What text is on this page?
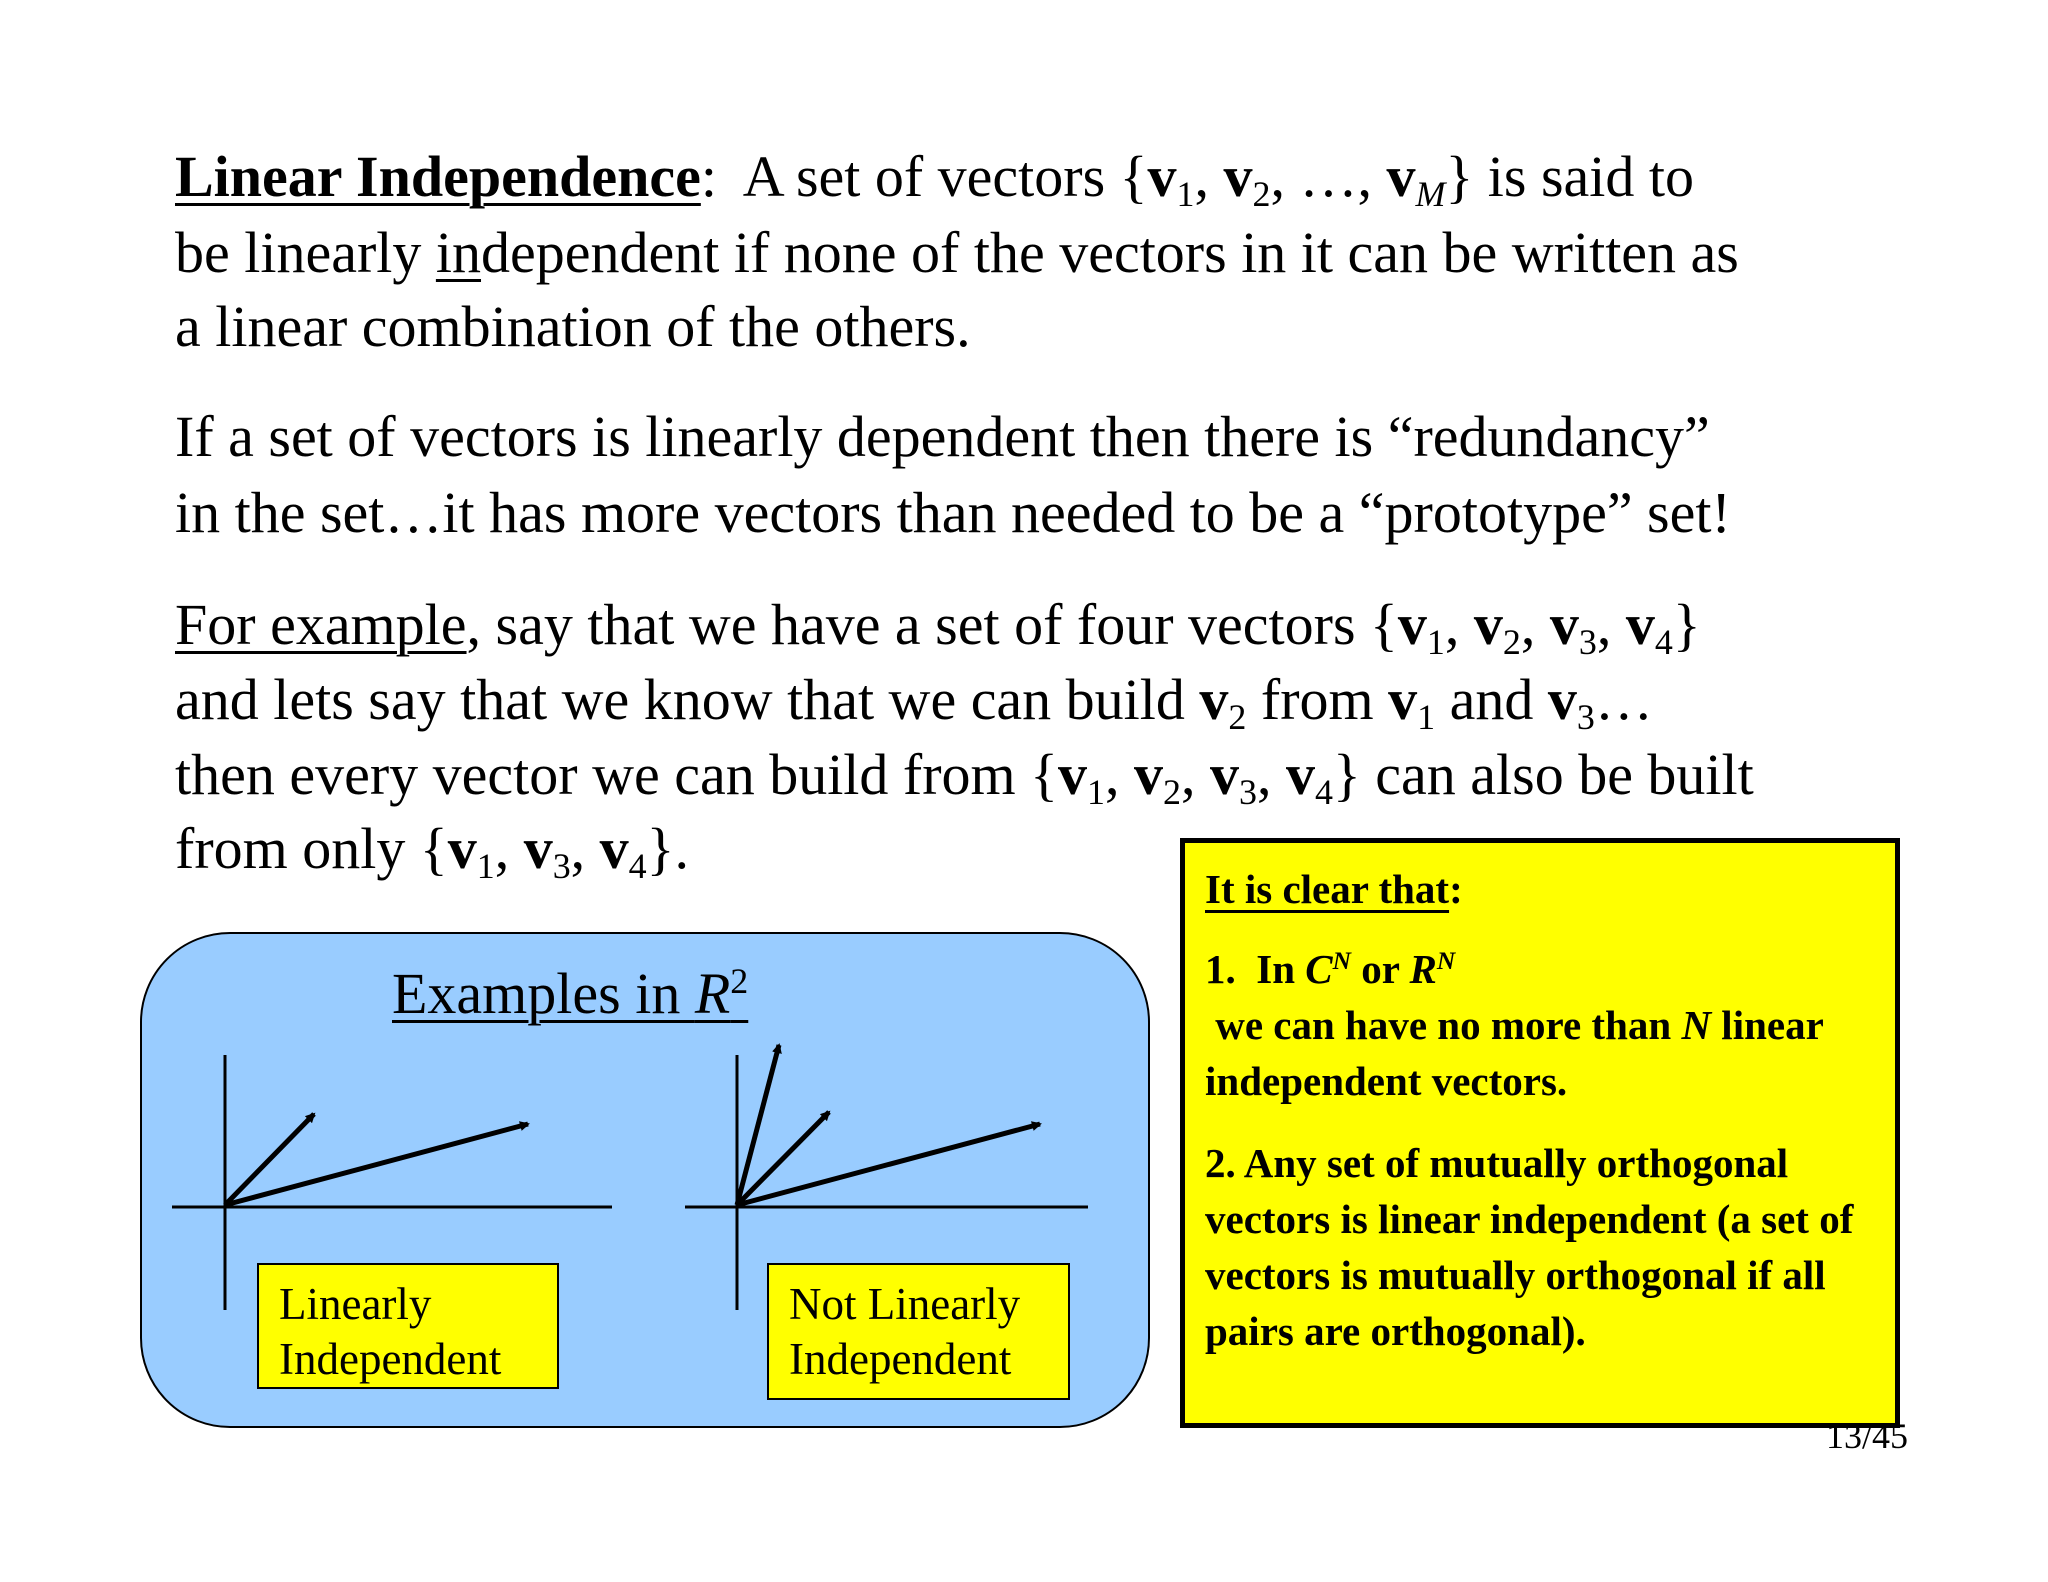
Linear Independence:  A set of vectors {$v_1$, $v_2$, …, $v_M$} is said to
be linearly independent if none of the vectors in it can be written as
a linear combination of the others.
If a set of vectors is linearly dependent then there is “redundancy”
in the set…it has more vectors than needed to be a “prototype” set!
For example, say that we have a set of four vectors {$v_1$, $v_2$, $v_3$, $v_4$}
and lets say that we know that we can build $v_2$ from $v_1$ and $v_3\dots$
then every vector we can build from {$v_1$, $v_2$, $v_3$, $v_4$} can also be built
from only {$v_1$, $v_3$, $v_4$}.
Examples in $R^2$
Linearly
Independent
Not Linearly
Independent

It is clear that:

1.  In $C^N$ or $R^N$ we can have no more than N linear independent vectors.

2. Any set of mutually orthogonal vectors is linear independent (a set of vectors is mutually orthogonal if all pairs are orthogonal).

13/45
